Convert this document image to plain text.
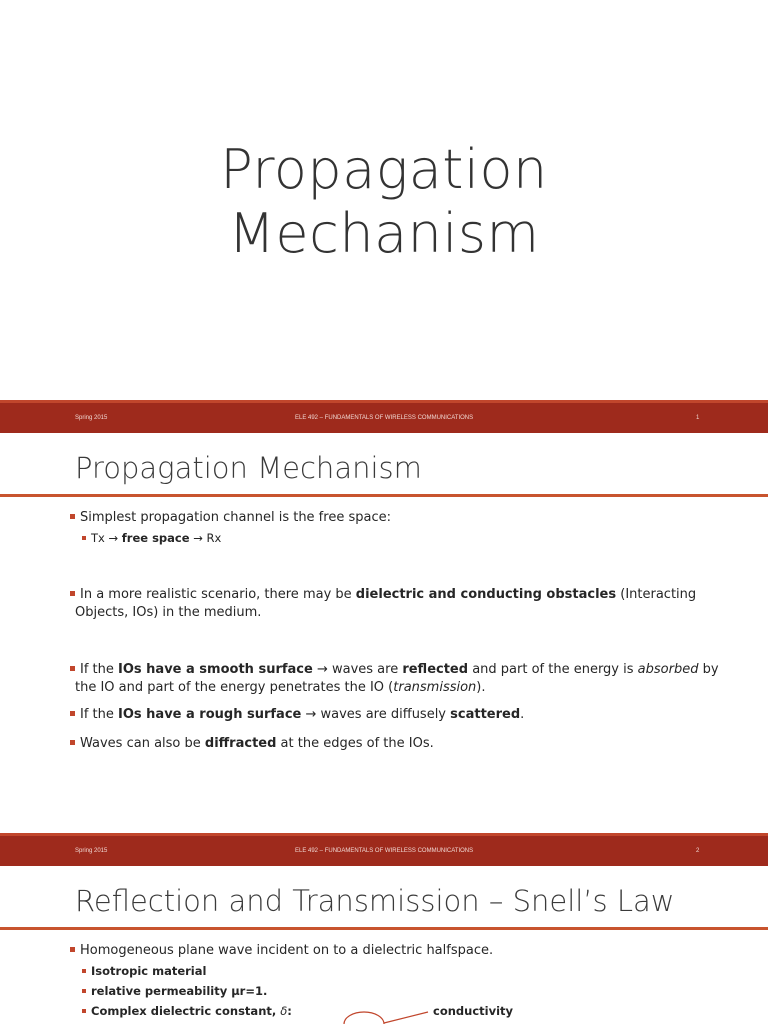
Propagation
Mechanism
Spring 2015	ELE 492 – FUNDAMENTALS OF WIRELESS COMMUNICATIONS	1
Propagation Mechanism
Simplest propagation channel is the free space:
Tx → free space → Rx
In a more realistic scenario, there may be dielectric and conducting obstacles (Interacting
Objects, IOs) in the medium.
If the IOs have a smooth surface → waves are reflected and part of the energy is absorbed by
the IO and part of the energy penetrates the IO (transmission).
If the IOs have a rough surface → waves are diffusely scattered.
Waves can also be diffracted at the edges of the IOs.
Spring 2015	ELE 492 – FUNDAMENTALS OF WIRELESS COMMUNICATIONS	2
Reflection and Transmission – Snell’s Law
Homogeneous plane wave incident on to a dielectric halfspace.
Isotropic material
relative permeability μr=1.
Complex dielectric constant, δ:	conductivity
